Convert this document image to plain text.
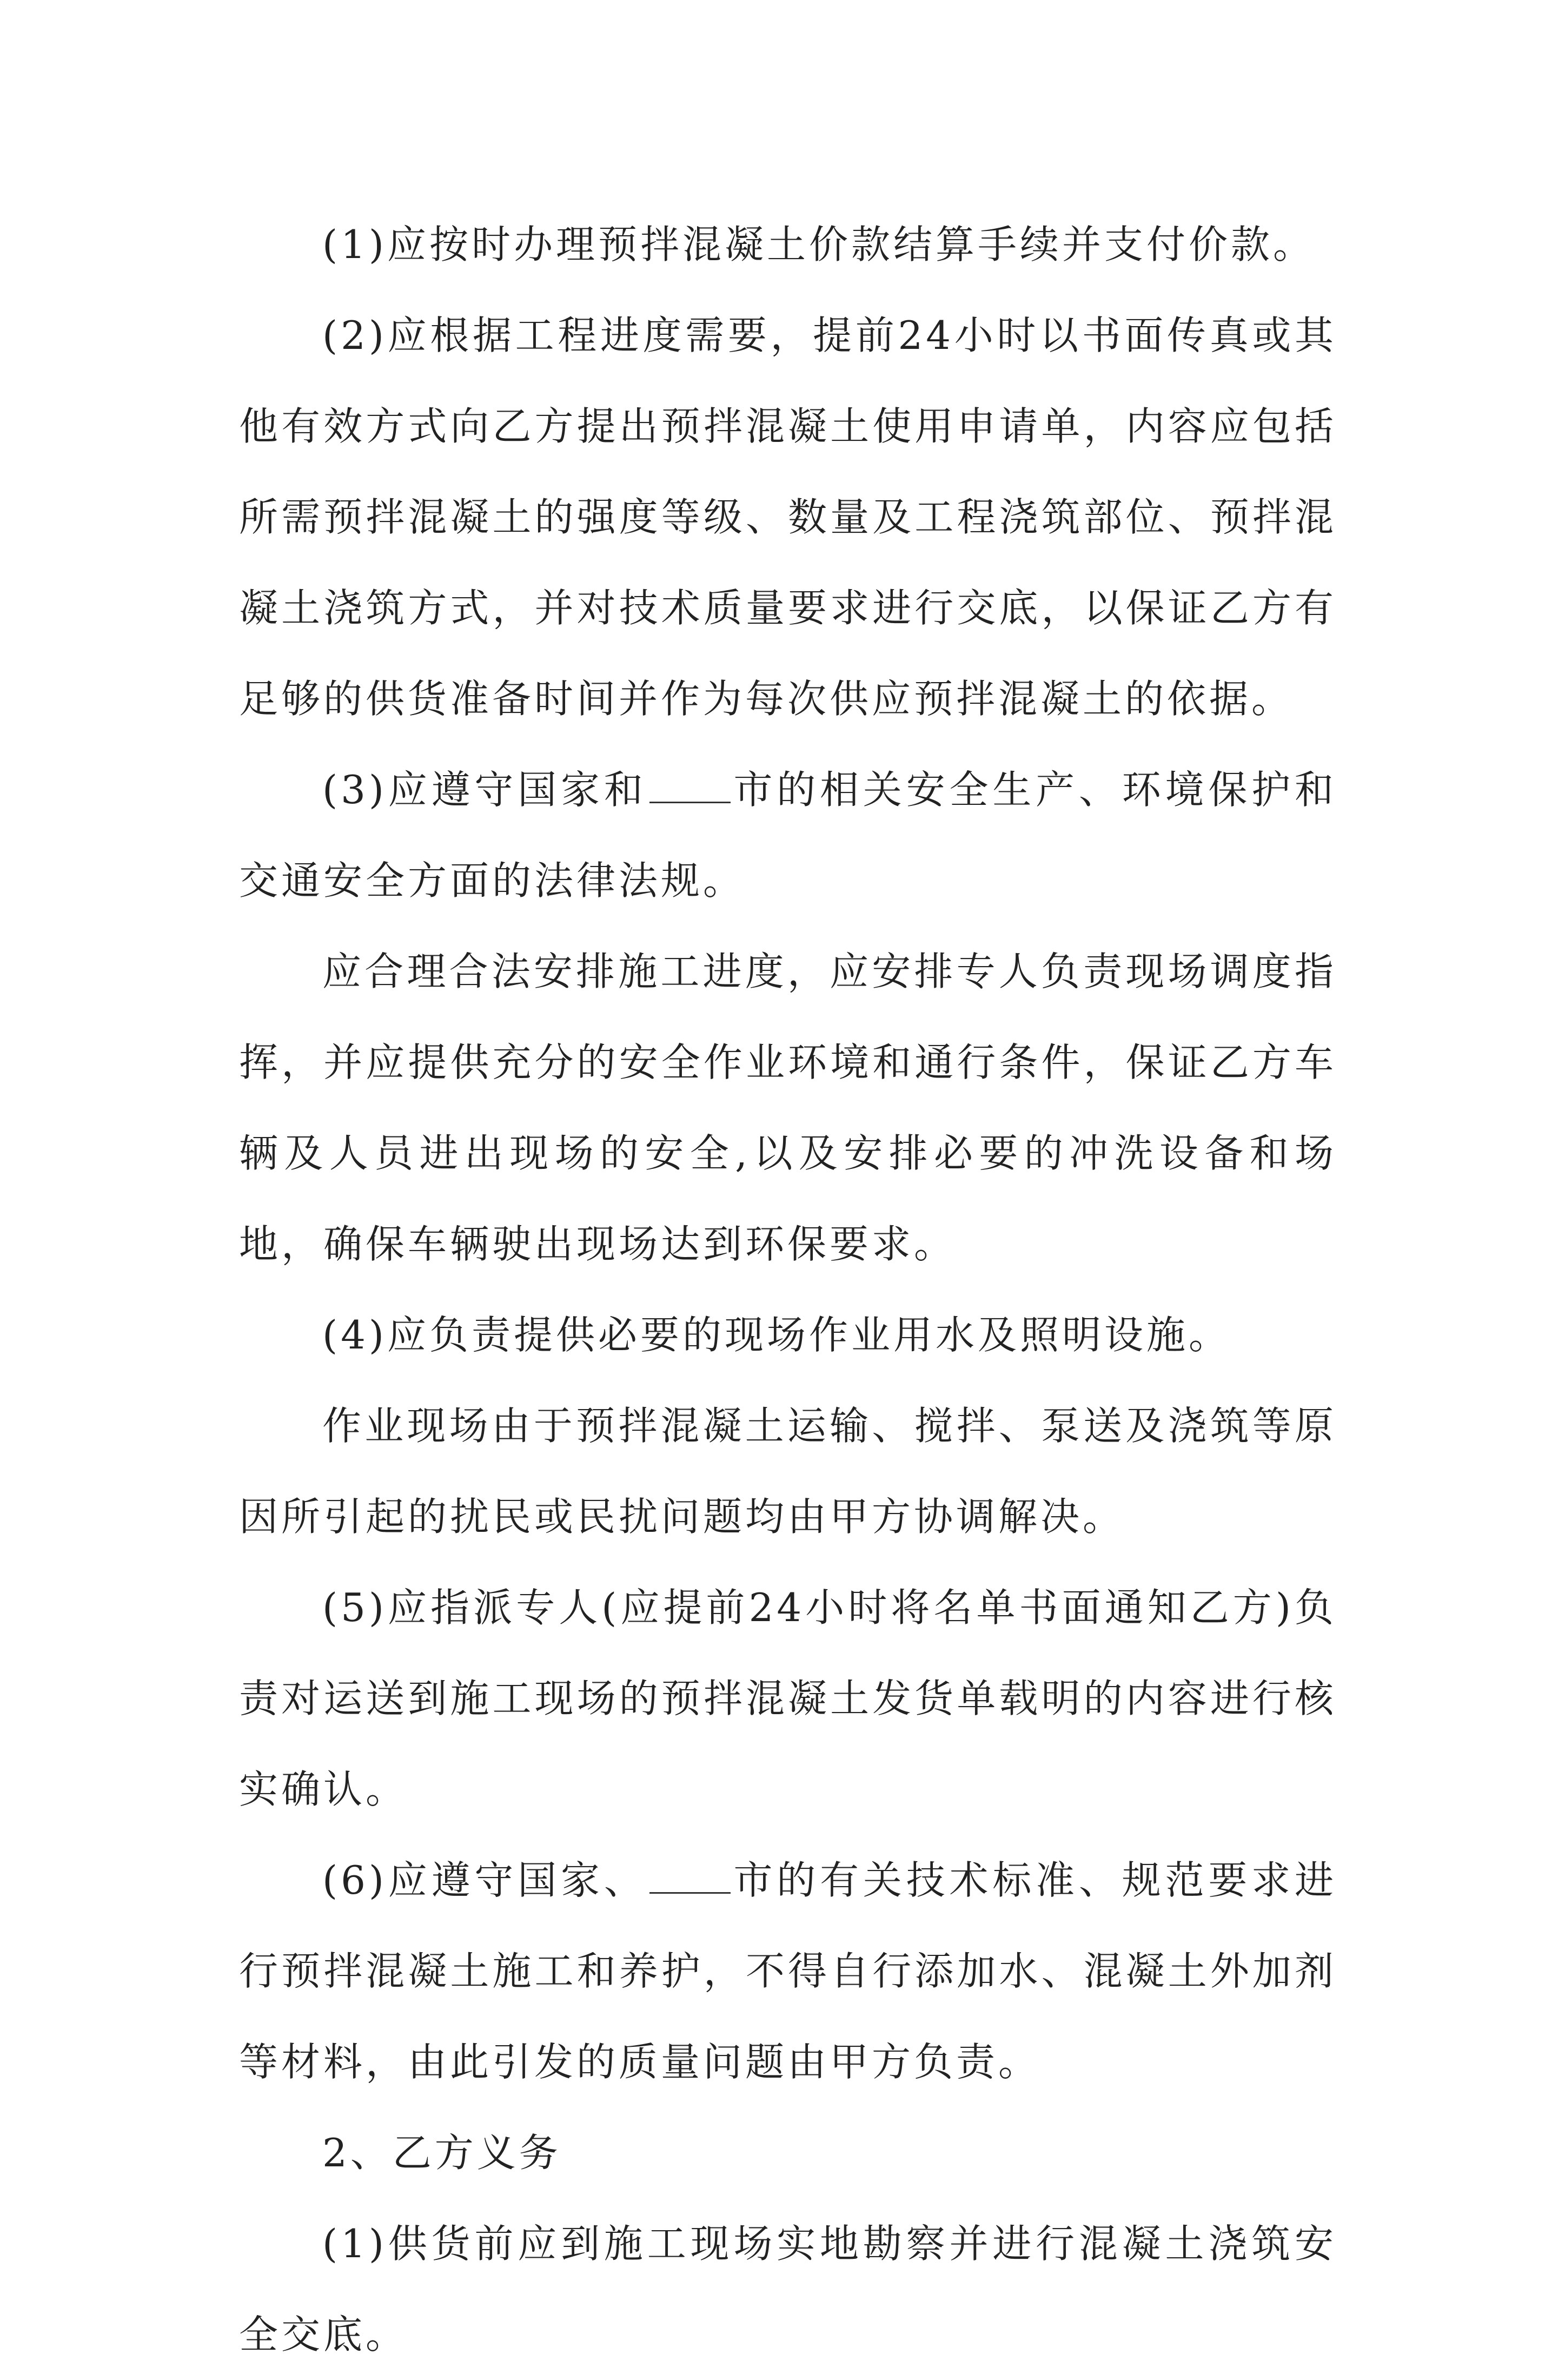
(1)应按时办理预拌混凝土价款结算手续并支付价款。

(2)应根据工程进度需要，提前24小时以书面传真或其他有效方式向乙方提出预拌混凝土使用申请单，内容应包括所需预拌混凝土的强度等级、数量及工程浇筑部位、预拌混凝土浇筑方式，并对技术质量要求进行交底，以保证乙方有足够的供货准备时间并作为每次供应预拌混凝土的依据。

(3)应遵守国家和 市的相关安全生产、环境保护和交通安全方面的法律法规。

应合理合法安排施工进度，应安排专人负责现场调度指挥，并应提供充分的安全作业环境和通行条件，保证乙方车辆及人员进出现场的安全,以及安排必要的冲洗设备和场地，确保车辆驶出现场达到环保要求。

(4)应负责提供必要的现场作业用水及照明设施。

作业现场由于预拌混凝土运输、搅拌、泵送及浇筑等原因所引起的扰民或民扰问题均由甲方协调解决。

(5)应指派专人(应提前24小时将名单书面通知乙方)负责对运送到施工现场的预拌混凝土发货单载明的内容进行核实确认。

(6)应遵守国家、 市的有关技术标准、规范要求进行预拌混凝土施工和养护，不得自行添加水、混凝土外加剂等材料，由此引发的质量问题由甲方负责。

2、乙方义务

(1)供货前应到施工现场实地勘察并进行混凝土浇筑安全交底。
